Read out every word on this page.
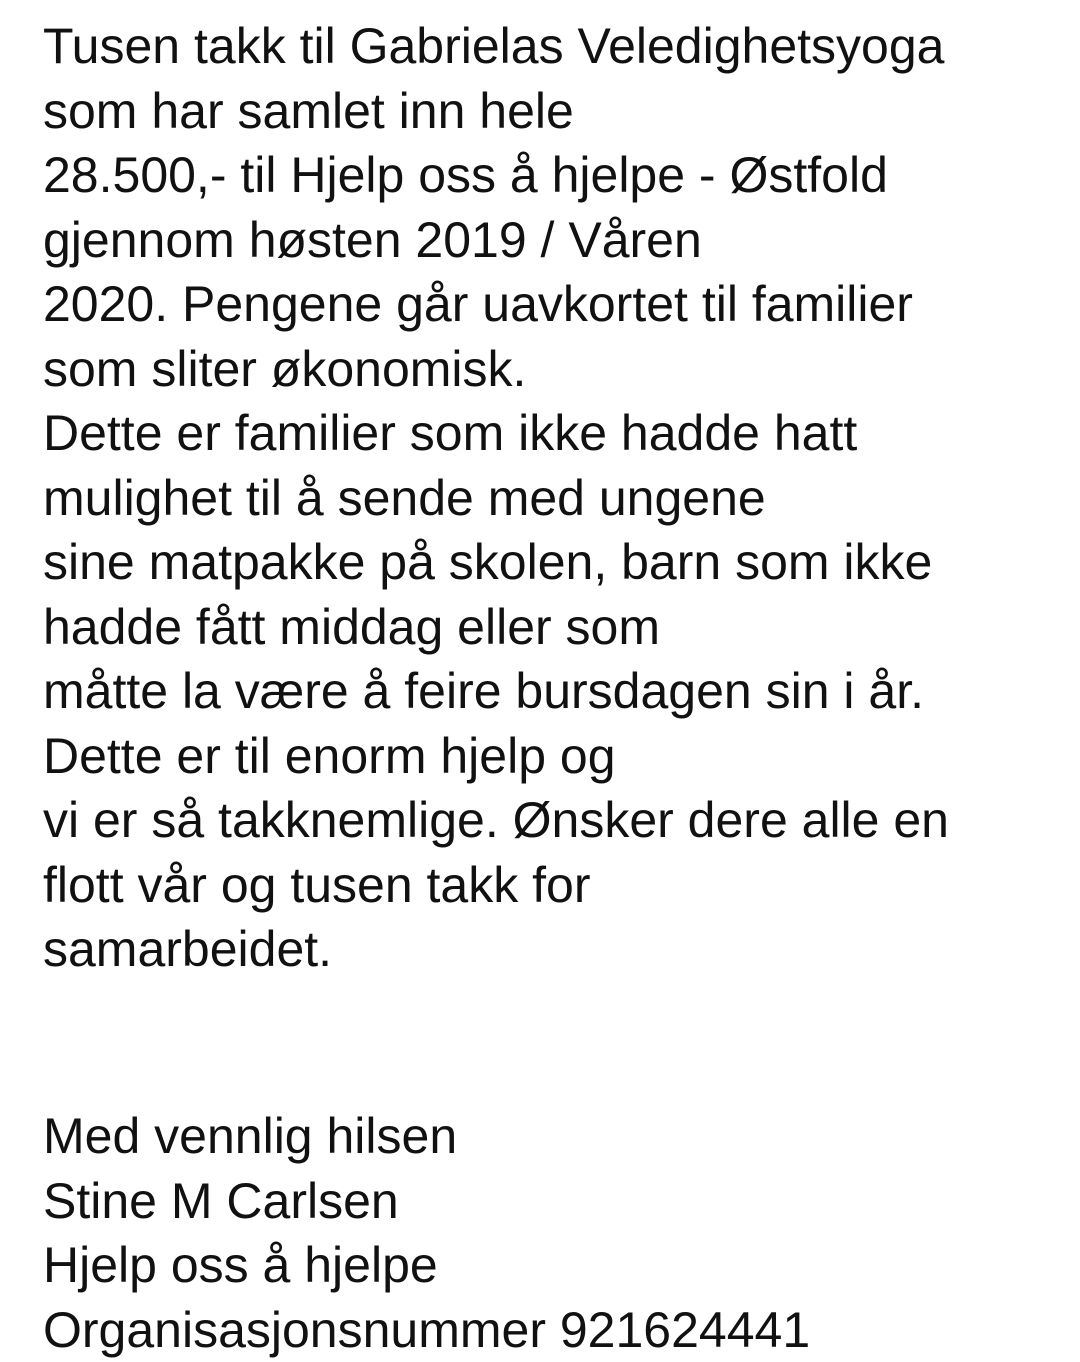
Tusen takk til Gabrielas Veledighetsyoga
som har samlet inn hele
28.500,- til Hjelp oss å hjelpe - Østfold
gjennom høsten 2019 / Våren
2020. Pengene går uavkortet til familier
som sliter økonomisk.
Dette er familier som ikke hadde hatt
mulighet til å sende med ungene
sine matpakke på skolen, barn som ikke
hadde fått middag eller som
måtte la være å feire bursdagen sin i år.
Dette er til enorm hjelp og
vi er så takknemlige. Ønsker dere alle en
flott vår og tusen takk for
samarbeidet.
Med vennlig hilsen
Stine M Carlsen
Hjelp oss å hjelpe
Organisasjonsnummer 921624441
